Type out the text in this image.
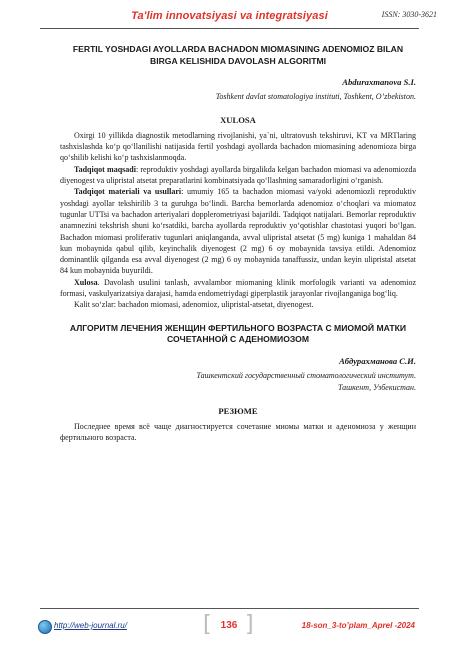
Ta'lim innovatsiyasi va integratsiyasi	ISSN: 3030-3621
FERTIL YOSHDAGI AYOLLARDA BACHADON MIOMASINING ADENOMIOZ BILAN BIRGA KELISHIDA DAVOLASH ALGORITMI
Abduraxmanova S.I.
Toshkent davlat stomatologiya instituti, Toshkent, O’zbekiston.
XULOSA

Oxirgi 10 yillikda diagnostik metodlarning rivojlanishi, ya`ni, ultratovush tekshiruvi, KT va MRTlaring tashxislashda ko‘p qo‘llanilishi natijasida fertil yoshdagi ayollarda bachadon miomasining adenomioza birga qo‘shilib kelishi ko‘p tashxislanmoqda.

Tadqiqot maqsadi: reproduktiv yoshdagi ayollarda birgalikda kelgan bachadon miomasi va adenomiozda diyenogest va ulipristal atsetat preparatlarini kombinatsiyada qo‘llashning samaradorligini o‘rganish.

Tadqiqot materiali va usullari: umumiy 165 ta bachadon miomasi va/yoki adenomiozli reproduktiv yoshdagi ayollar tekshirilib 3 ta guruhga bo‘lindi. Barcha bemorlarda adenomioz o‘choqlari va miomatoz tugunlar UTTsi va bachadon arteriyalari dopplerometriyasi bajarildi. Tadqiqot natijalari. Bemorlar reproduktiv anamnezini tekshrish shuni ko‘rsatdiki, barcha ayollarda reproduktiv yo‘qotishlar chastotasi yuqori bo‘lgan. Bachadon miomasi proliferativ tugunlari aniqlanganda, avval ulipristal atsetat (5 mg) kuniga 1 mahaldan 84 kun mobaynida qabul qilib, keyinchalik diyenogest (2 mg) 6 oy mobaynida tavsiya etildi. Adenomioz dominantlik qilganda esa avval diyenogest (2 mg) 6 oy mobaynida tanaffussiz, undan keyin ulipristal atsetat 84 kun mobaynida buyurildi.

Xulosa. Davolash usulini tanlash, avvalambor miomaning klinik morfologik varianti va adenomioz formasi, vaskulyarizatsiya darajasi, hamda endometriydagi giperplastik jarayonlar rivojlanganiga bog‘liq.

Kalit so‘zlar: bachadon miomasi, adenomioz, ulipristal-atsetat, diyenogest.

АЛГОРИТМ ЛЕЧЕНИЯ ЖЕНЩИН ФЕРТИЛЬНОГО ВОЗРАСТА С МИОМОЙ МАТКИ СОЧЕТАННОЙ С АДЕНОМИОЗОМ
Абдурахманова С.И.
Ташкентский государственный стоматологический институт.
Ташкент, Узбекистан.
РЕЗЮМЕ

Последнее время всё чаще диагностируется сочетание миомы матки и аденомиоза у женщин фертильного возраста.

http://web-journal.ru/	[ 136 ]	18-son_3-to’plam_Aprel -2024
